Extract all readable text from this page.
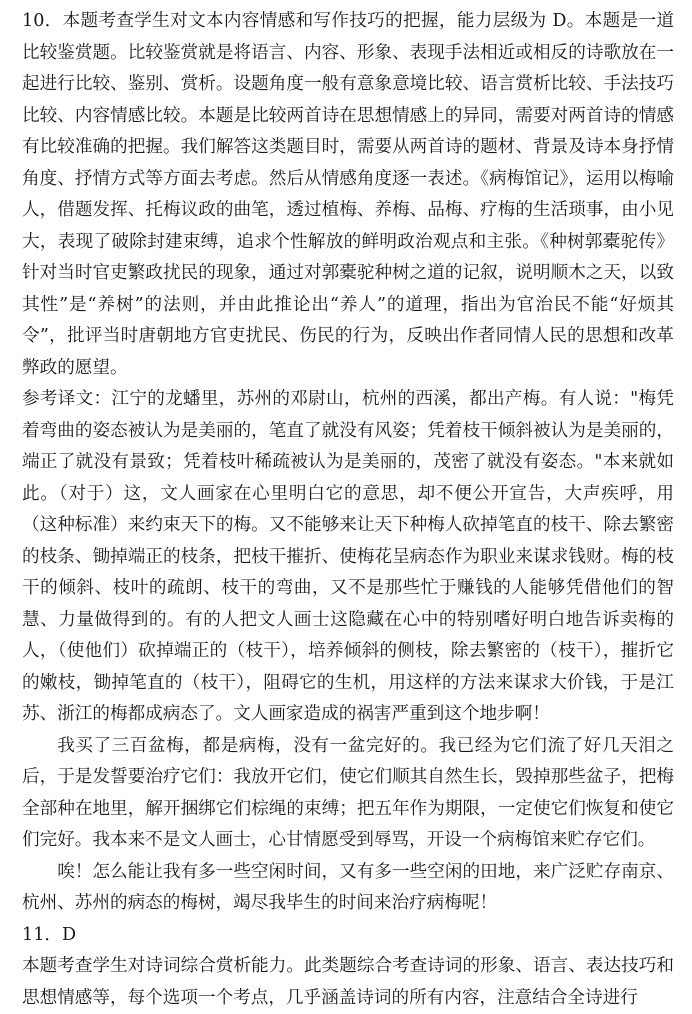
10．本题考查学生对文本内容情感和写作技巧的把握，能力层级为 D。本题是一道比较鉴赏题。比较鉴赏就是将语言、内容、形象、表现手法相近或相反的诗歌放在一起进行比较、鉴别、赏析。设题角度一般有意象意境比较、语言赏析比较、手法技巧比较、内容情感比较。本题是比较两首诗在思想情感上的异同，需要对两首诗的情感有比较准确的把握。我们解答这类题目时，需要从两首诗的题材、背景及诗本身抒情角度、抒情方式等方面去考虑。然后从情感角度逐一表述。《病梅馆记》，运用以梅喻人，借题发挥、托梅议政的曲笔，透过植梅、养梅、品梅、疗梅的生活琐事，由小见大，表现了破除封建束缚，追求个性解放的鲜明政治观点和主张。《种树郭橐驼传》针对当时官吏繁政扰民的现象，通过对郭橐驼种树之道的记叙，说明顺木之天，以致其性”是“养树”的法则，并由此推论出“养人”的道理，指出为官治民不能“好烦其令”，批评当时唐朝地方官吏扰民、伤民的行为，反映出作者同情人民的思想和改革弊政的愿望。

参考译文：江宁的龙蟠里，苏州的邓尉山，杭州的西溪，都出产梅。有人说："梅凭着弯曲的姿态被认为是美丽的，笔直了就没有风姿；凭着枝干倾斜被认为是美丽的，端正了就没有景致；凭着枝叶稀疏被认为是美丽的，茂密了就没有姿态。"本来就如此。（对于）这，文人画家在心里明白它的意思，却不便公开宣告，大声疾呼，用（这种标准）来约束天下的梅。又不能够来让天下种梅人砍掉笔直的枝干、除去繁密的枝条、锄掉端正的枝条，把枝干摧折、使梅花呈病态作为职业来谋求钱财。梅的枝干的倾斜、枝叶的疏朗、枝干的弯曲，又不是那些忙于赚钱的人能够凭借他们的智慧、力量做得到的。有的人把文人画士这隐藏在心中的特别嗜好明白地告诉卖梅的人，（使他们）砍掉端正的（枝干），培养倾斜的侧枝，除去繁密的（枝干），摧折它的嫩枝，锄掉笔直的（枝干），阻碍它的生机，用这样的方法来谋求大价钱，于是江苏、浙江的梅都成病态了。文人画家造成的祸害严重到这个地步啊！

我买了三百盆梅，都是病梅，没有一盆完好的。我已经为它们流了好几天泪之后，于是发誓要治疗它们：我放开它们，使它们顺其自然生长，毁掉那些盆子，把梅全部种在地里，解开捆绑它们棕绳的束缚；把五年作为期限，一定使它们恢复和使它们完好。我本来不是文人画士，心甘情愿受到辱骂，开设一个病梅馆来贮存它们。

唉！怎么能让我有多一些空闲时间，又有多一些空闲的田地，来广泛贮存南京、杭州、苏州的病态的梅树，竭尽我毕生的时间来治疗病梅呢！

11．D

本题考查学生对诗词综合赏析能力。此类题综合考查诗词的形象、语言、表达技巧和思想情感等，每个选项一个考点，几乎涵盖诗词的所有内容，注意结合全诗进行
